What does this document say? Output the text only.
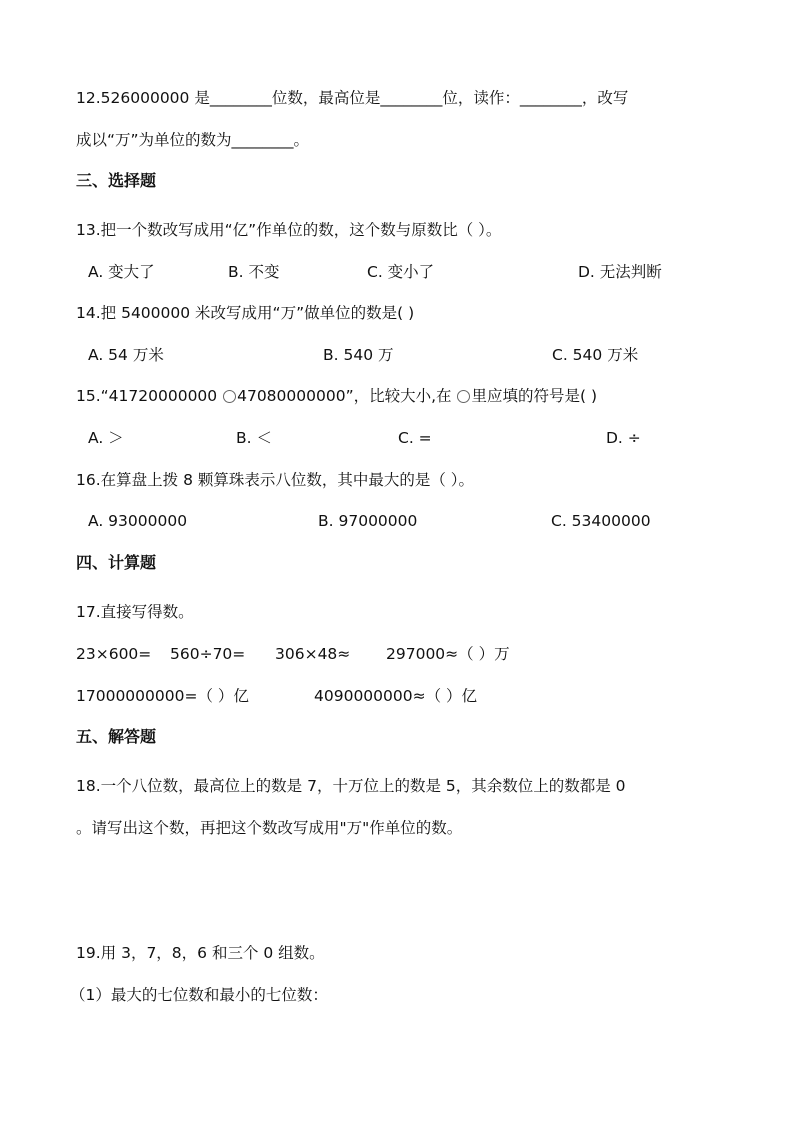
12.526000000 是________位数，最高位是________位，读作：________，改写
成以“万”为单位的数为________。
三、选择题
13.把一个数改写成用“亿”作单位的数，这个数与原数比（ ）。
A. 变大了	B. 不变	C. 变小了	D. 无法判断
14.把 5400000 米改写成用“万”做单位的数是( )
A. 54 万米	B. 540 万	C. 540 万米
15.“41720000000 47080000000”，比较大小,在 里应填的符号是( )
A. ＞	B. ＜	C. =	D. ÷
16.在算盘上拨 8 颗算珠表示八位数，其中最大的是（ ）。
A. 93000000	B. 97000000	C. 53400000
四、计算题
17.直接写得数。
23×600= 560÷70= 306×48≈ 297000≈（ ）万
17000000000=（ ）亿	4090000000≈（ ）亿
五、解答题
18.一个八位数，最高位上的数是 7，十万位上的数是 5，其余数位上的数都是 0
。请写出这个数，再把这个数改写成用"万"作单位的数。
19.用 3，7，8，6 和三个 0 组数。
（1）最大的七位数和最小的七位数：
